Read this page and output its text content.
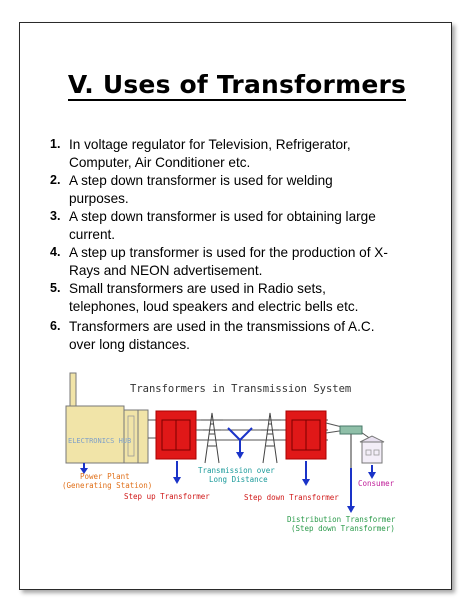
V. Uses of Transformers
1. In voltage regulator for Television, Refrigerator, Computer, Air Conditioner etc.
2. A step down transformer is used for welding purposes.
3. A step down transformer is used for obtaining large current.
4. A step up transformer is used for the production of X-Rays and NEON advertisement.
5. Small transformers are used in Radio sets, telephones, loud speakers and electric bells etc.
6. Transformers are used in the transmissions of A.C. over long distances.
Transformers in Transmission System
ELECTRONICS HUB
Power Plant
(Generating Station)
Step up Transformer
Transmission over
Long Distance
Step down Transformer
Consumer
Distribution Transformer
(Step down Transformer)
